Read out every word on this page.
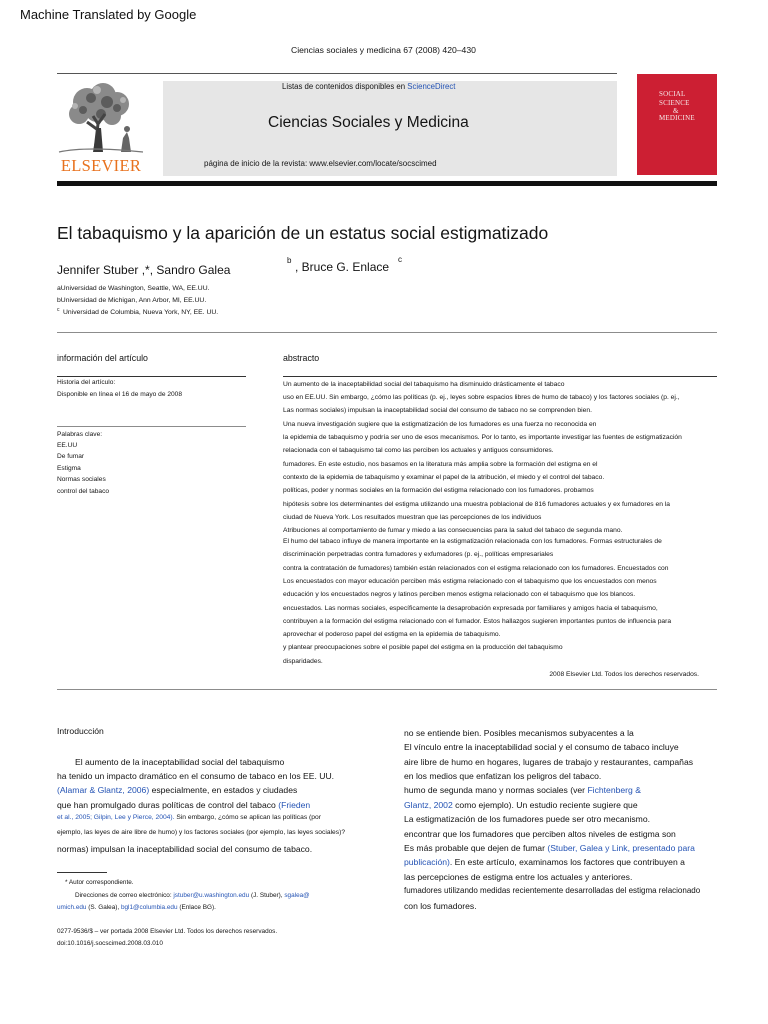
Machine Translated by Google
Ciencias sociales y medicina 67 (2008) 420–430
ELSEVIER
Listas de contenidos disponibles en ScienceDirect
Ciencias Sociales y Medicina
página de inicio de la revista: www.elsevier.com/locate/socscimed
SOCIAL
SCIENCE
&
MEDICINE
El tabaquismo y la aparición de un estatus social estigmatizado
Jennifer Stuber ,*, Sandro Galea
b , Bruce G. Enlace
c
aUniversidad de Washington, Seattle, WA, EE.UU.
bUniversidad de Michigan, Ann Arbor, MI, EE.UU.
c Universidad de Columbia, Nueva York, NY, EE. UU.
información del artículo
Historia del artículo:
Disponible en línea el 16 de mayo de 2008
Palabras clave:
EE.UU
De fumar
Estigma
Normas sociales
control del tabaco
abstracto
Un aumento de la inaceptabilidad social del tabaquismo ha disminuido drásticamente el tabaco
uso en EE.UU. Sin embargo, ¿cómo las políticas (p. ej., leyes sobre espacios libres de humo de tabaco) y los factores sociales (p. ej.,
Las normas sociales) impulsan la inaceptabilidad social del consumo de tabaco no se comprenden bien.
Una nueva investigación sugiere que la estigmatización de los fumadores es una fuerza no reconocida en
la epidemia de tabaquismo y podría ser uno de esos mecanismos. Por lo tanto, es importante investigar las fuentes de estigmatización
relacionada con el tabaquismo tal como las perciben los actuales y antiguos consumidores.
fumadores. En este estudio, nos basamos en la literatura más amplia sobre la formación del estigma en el
contexto de la epidemia de tabaquismo y examinar el papel de la atribución, el miedo y el control del tabaco.
políticas, poder y normas sociales en la formación del estigma relacionado con los fumadores. probamos
hipótesis sobre los determinantes del estigma utilizando una muestra poblacional de 816 fumadores actuales y ex fumadores en la
ciudad de Nueva York. Los resultados muestran que las percepciones de los individuos
Atribuciones al comportamiento de fumar y miedo a las consecuencias para la salud del tabaco de segunda mano.
El humo del tabaco influye de manera importante en la estigmatización relacionada con los fumadores. Formas estructurales de
discriminación perpetradas contra fumadores y exfumadores (p. ej., políticas empresariales
contra la contratación de fumadores) también están relacionados con el estigma relacionado con los fumadores. Encuestados con
Los encuestados con mayor educación perciben más estigma relacionado con el tabaquismo que los encuestados con menos
educación y los encuestados negros y latinos perciben menos estigma relacionado con el tabaquismo que los blancos.
encuestados. Las normas sociales, específicamente la desaprobación expresada por familiares y amigos hacia el tabaquismo,
contribuyen a la formación del estigma relacionado con el fumador. Estos hallazgos sugieren importantes puntos de influencia para
aprovechar el poderoso papel del estigma en la epidemia de tabaquismo.
y plantear preocupaciones sobre el posible papel del estigma en la producción del tabaquismo
disparidades.
2008 Elsevier Ltd. Todos los derechos reservados.
Introducción
El aumento de la inaceptabilidad social del tabaquismo
ha tenido un impacto dramático en el consumo de tabaco en los EE. UU.
(Alamar & Glantz, 2006) especialmente, en estados y ciudades
que han promulgado duras políticas de control del tabaco (Frieden
et al., 2005; Gilpin, Lee y Pierce, 2004). Sin embargo, ¿cómo se aplican las políticas (por
ejemplo, las leyes de aire libre de humo) y los factores sociales (por ejemplo, las leyes sociales)?
normas) impulsan la inaceptabilidad social del consumo de tabaco.
* Autor correspondiente.
Direcciones de correo electrónico: jstuber@u.washington.edu (J. Stuber), sgalea@
umich.edu (S. Galea), bgl1@columbia.edu (Enlace BG).
0277-9536/$ – ver portada 2008 Elsevier Ltd. Todos los derechos reservados.
doi:10.1016/j.socscimed.2008.03.010
no se entiende bien. Posibles mecanismos subyacentes a la
El vínculo entre la inaceptabilidad social y el consumo de tabaco incluye
aire libre de humo en hogares, lugares de trabajo y restaurantes, campañas
en los medios que enfatizan los peligros del tabaco.
humo de segunda mano y normas sociales (ver Fichtenberg &
Glantz, 2002 como ejemplo). Un estudio reciente sugiere que
La estigmatización de los fumadores puede ser otro mecanismo.
encontrar que los fumadores que perciben altos niveles de estigma son
Es más probable que dejen de fumar (Stuber, Galea y Link, presentado para
publicación). En este artículo, examinamos los factores que contribuyen a
las percepciones de estigma entre los actuales y anteriores.
fumadores utilizando medidas recientemente desarrolladas del estigma relacionado
con los fumadores.
